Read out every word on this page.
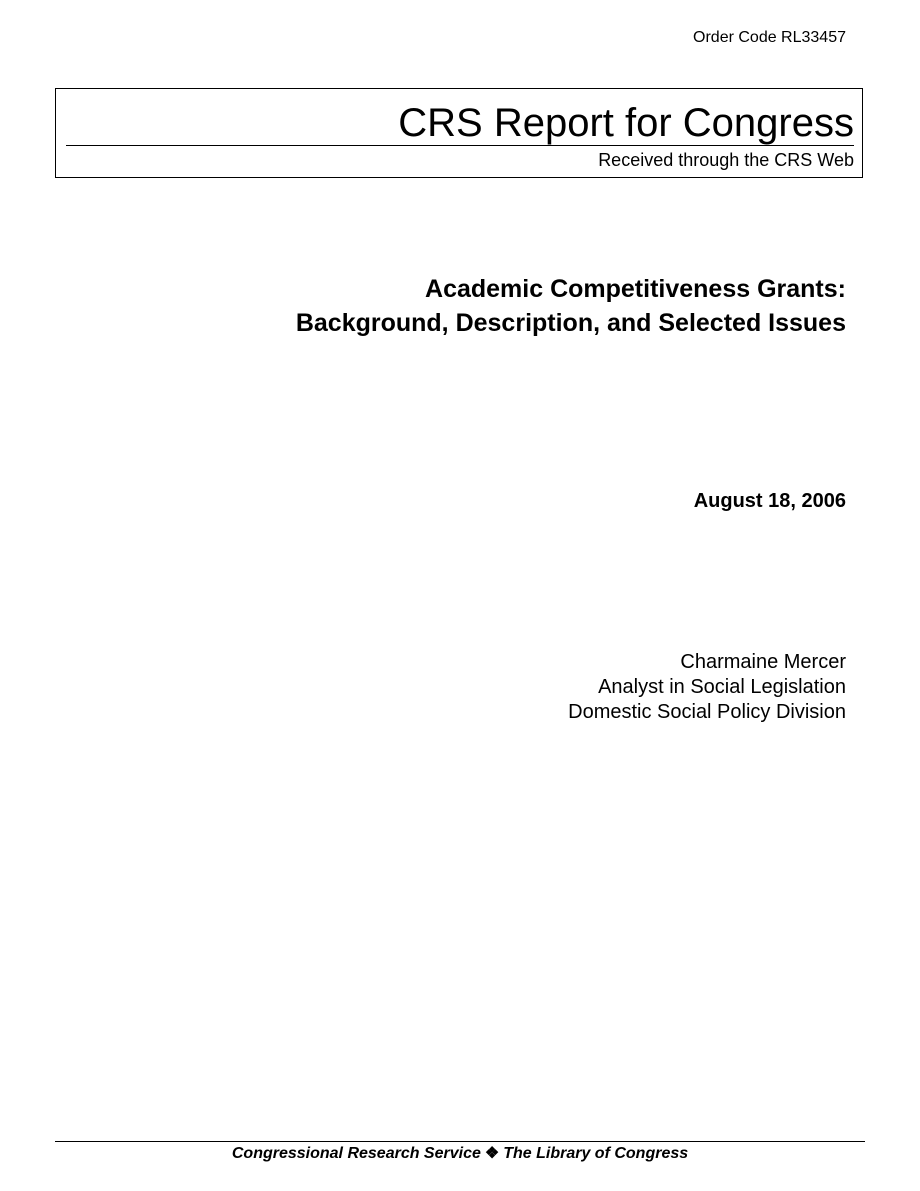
Order Code RL33457
CRS Report for Congress
Received through the CRS Web
Academic Competitiveness Grants:
Background, Description, and Selected Issues
August 18, 2006
Charmaine Mercer
Analyst in Social Legislation
Domestic Social Policy Division
Congressional Research Service ❖ The Library of Congress
